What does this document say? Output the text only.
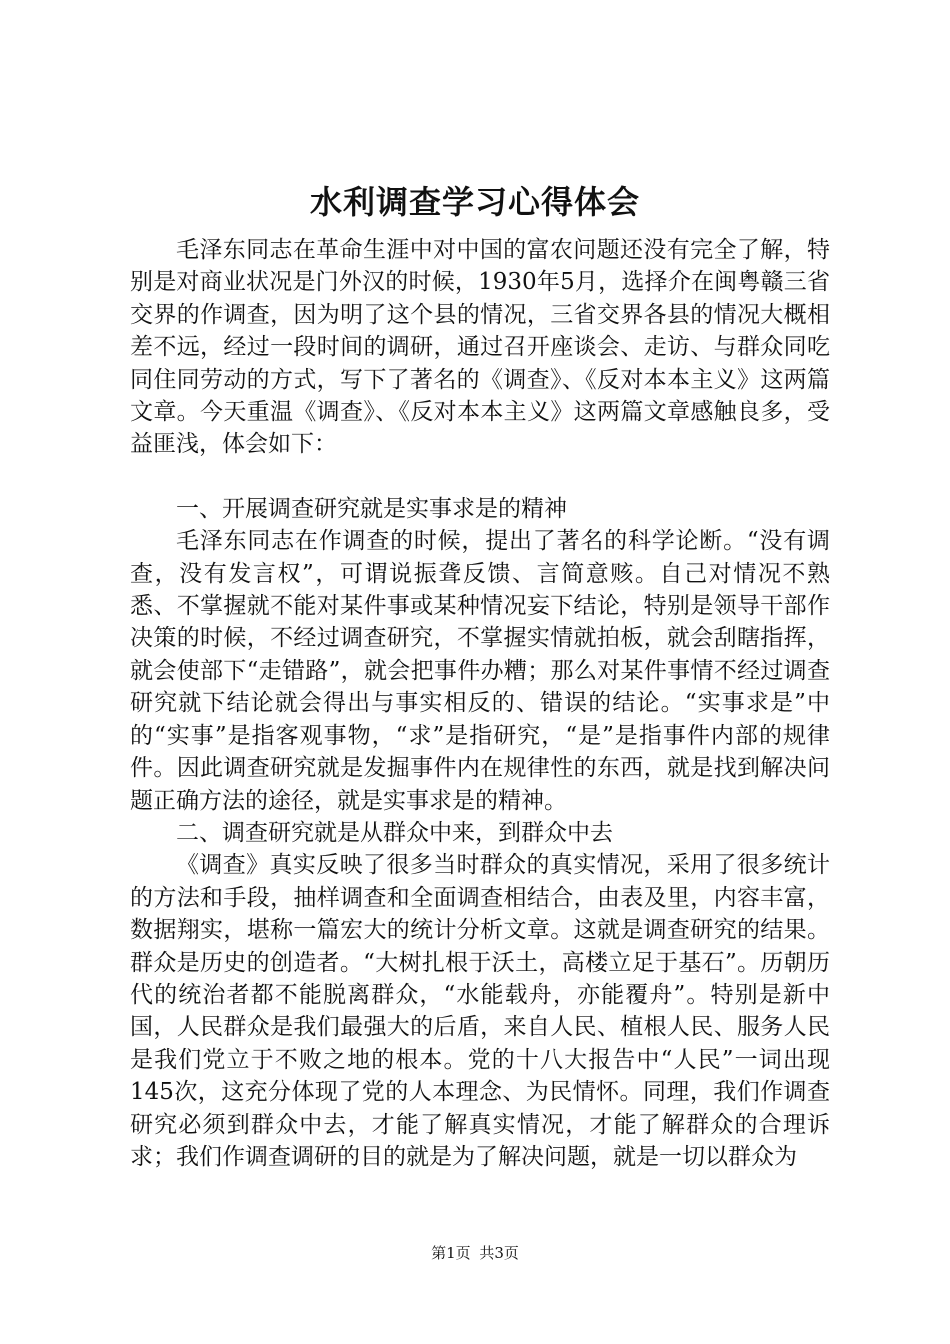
水利调查学习心得体会

毛泽东同志在革命生涯中对中国的富农问题还没有完全了解，特别是对商业状况是门外汉的时候，1930年5月，选择介在闽粤赣三省交界的作调查，因为明了这个县的情况，三省交界各县的情况大概相差不远，经过一段时间的调研，通过召开座谈会、走访、与群众同吃同住同劳动的方式，写下了著名的《调查》、《反对本本主义》这两篇文章。今天重温《调查》、《反对本本主义》这两篇文章感触良多，受益匪浅，体会如下：

一、开展调查研究就是实事求是的精神

毛泽东同志在作调查的时候，提出了著名的科学论断。“没有调查，没有发言权”，可谓说振聋反馈、言简意赅。自己对情况不熟悉、不掌握就不能对某件事或某种情况妄下结论，特别是领导干部作决策的时候，不经过调查研究，不掌握实情就拍板，就会刮瞎指挥，就会使部下“走错路”，就会把事件办糟；那么对某件事情不经过调查研究就下结论就会得出与事实相反的、错误的结论。“实事求是”中的“实事”是指客观事物，“求”是指研究，“是”是指事件内部的规律件。因此调查研究就是发掘事件内在规律性的东西，就是找到解决问题正确方法的途径，就是实事求是的精神。

二、调查研究就是从群众中来，到群众中去

《调查》真实反映了很多当时群众的真实情况，采用了很多统计的方法和手段，抽样调查和全面调查相结合，由表及里，内容丰富，数据翔实，堪称一篇宏大的统计分析文章。这就是调查研究的结果。群众是历史的创造者。“大树扎根于沃土，高楼立足于基石”。历朝历代的统治者都不能脱离群众，“水能载舟，亦能覆舟”。特别是新中国，人民群众是我们最强大的后盾，来自人民、植根人民、服务人民是我们党立于不败之地的根本。党的十八大报告中“人民”一词出现145次，这充分体现了党的人本理念、为民情怀。同理，我们作调查研究必须到群众中去，才能了解真实情况，才能了解群众的合理诉求；我们作调查调研的目的就是为了解决问题，就是一切以群众为

第1页 共3页
